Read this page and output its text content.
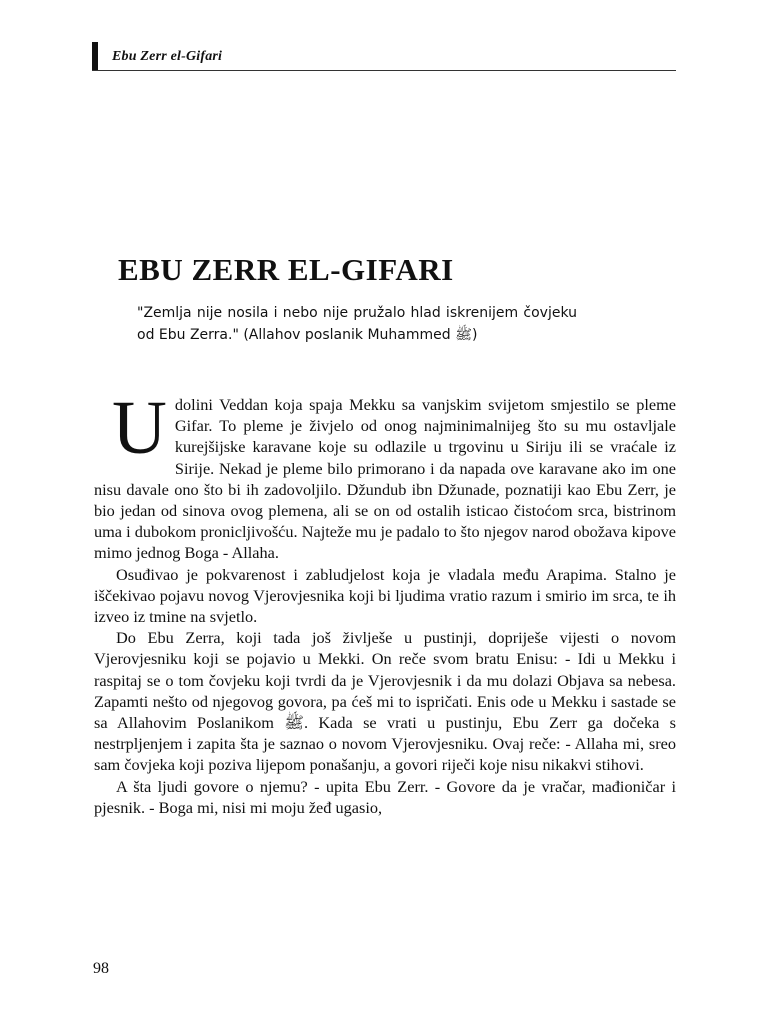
Ebu Zerr el-Gifari
EBU ZERR EL-GIFARI
"Zemlja nije nosila i nebo nije pružalo hlad iskrenijem čovjeku od Ebu Zerra." (Allahov poslanik Muhammed ﷺ)

Udolini Veddan koja spaja Mekku sa vanjskim svijetom smjestilo se pleme Gifar. To pleme je živjelo od onog najminimalnijeg što su mu ostavljale kurejšijske karavane koje su odlazile u trgovinu u Siriju ili se vraćale iz Sirije. Nekad je pleme bilo primorano i da napada ove karavane ako im one nisu davale ono što bi ih zadovoljilo. Džundub ibn Džunade, poznatiji kao Ebu Zerr, je bio jedan od sinova ovog plemena, ali se on od ostalih isticao čistoćom srca, bistrinom uma i dubokom pronicljivošću. Najteže mu je padalo to što njegov narod obožava kipove mimo jednog Boga - Allaha.

Osuđivao je pokvarenost i zabludjelost koja je vladala među Arapima. Stalno je iščekivao pojavu novog Vjerovjesnika koji bi ljudima vratio razum i smirio im srca, te ih izveo iz tmine na svjetlo.

Do Ebu Zerra, koji tada još življeše u pustinji, dopriješe vijesti o novom Vjerovjesniku koji se pojavio u Mekki. On reče svom bratu Enisu: - Idi u Mekku i raspitaj se o tom čovjeku koji tvrdi da je Vjerovjesnik i da mu dolazi Objava sa nebesa. Zapamti nešto od njegovog govora, pa ćeš mi to ispričati. Enis ode u Mekku i sastade se sa Allahovim Poslanikom ﷺ. Kada se vrati u pustinju, Ebu Zerr ga dočeka s nestrpljenjem i zapita šta je saznao o novom Vjerovjesniku. Ovaj reče: - Allaha mi, sreo sam čovjeka koji poziva lijepom ponašanju, a govori riječi koje nisu nikakvi stihovi.

A šta ljudi govore o njemu? - upita Ebu Zerr. - Govore da je vračar, mađioničar i pjesnik. - Boga mi, nisi mi moju žeđ ugasio,

98
